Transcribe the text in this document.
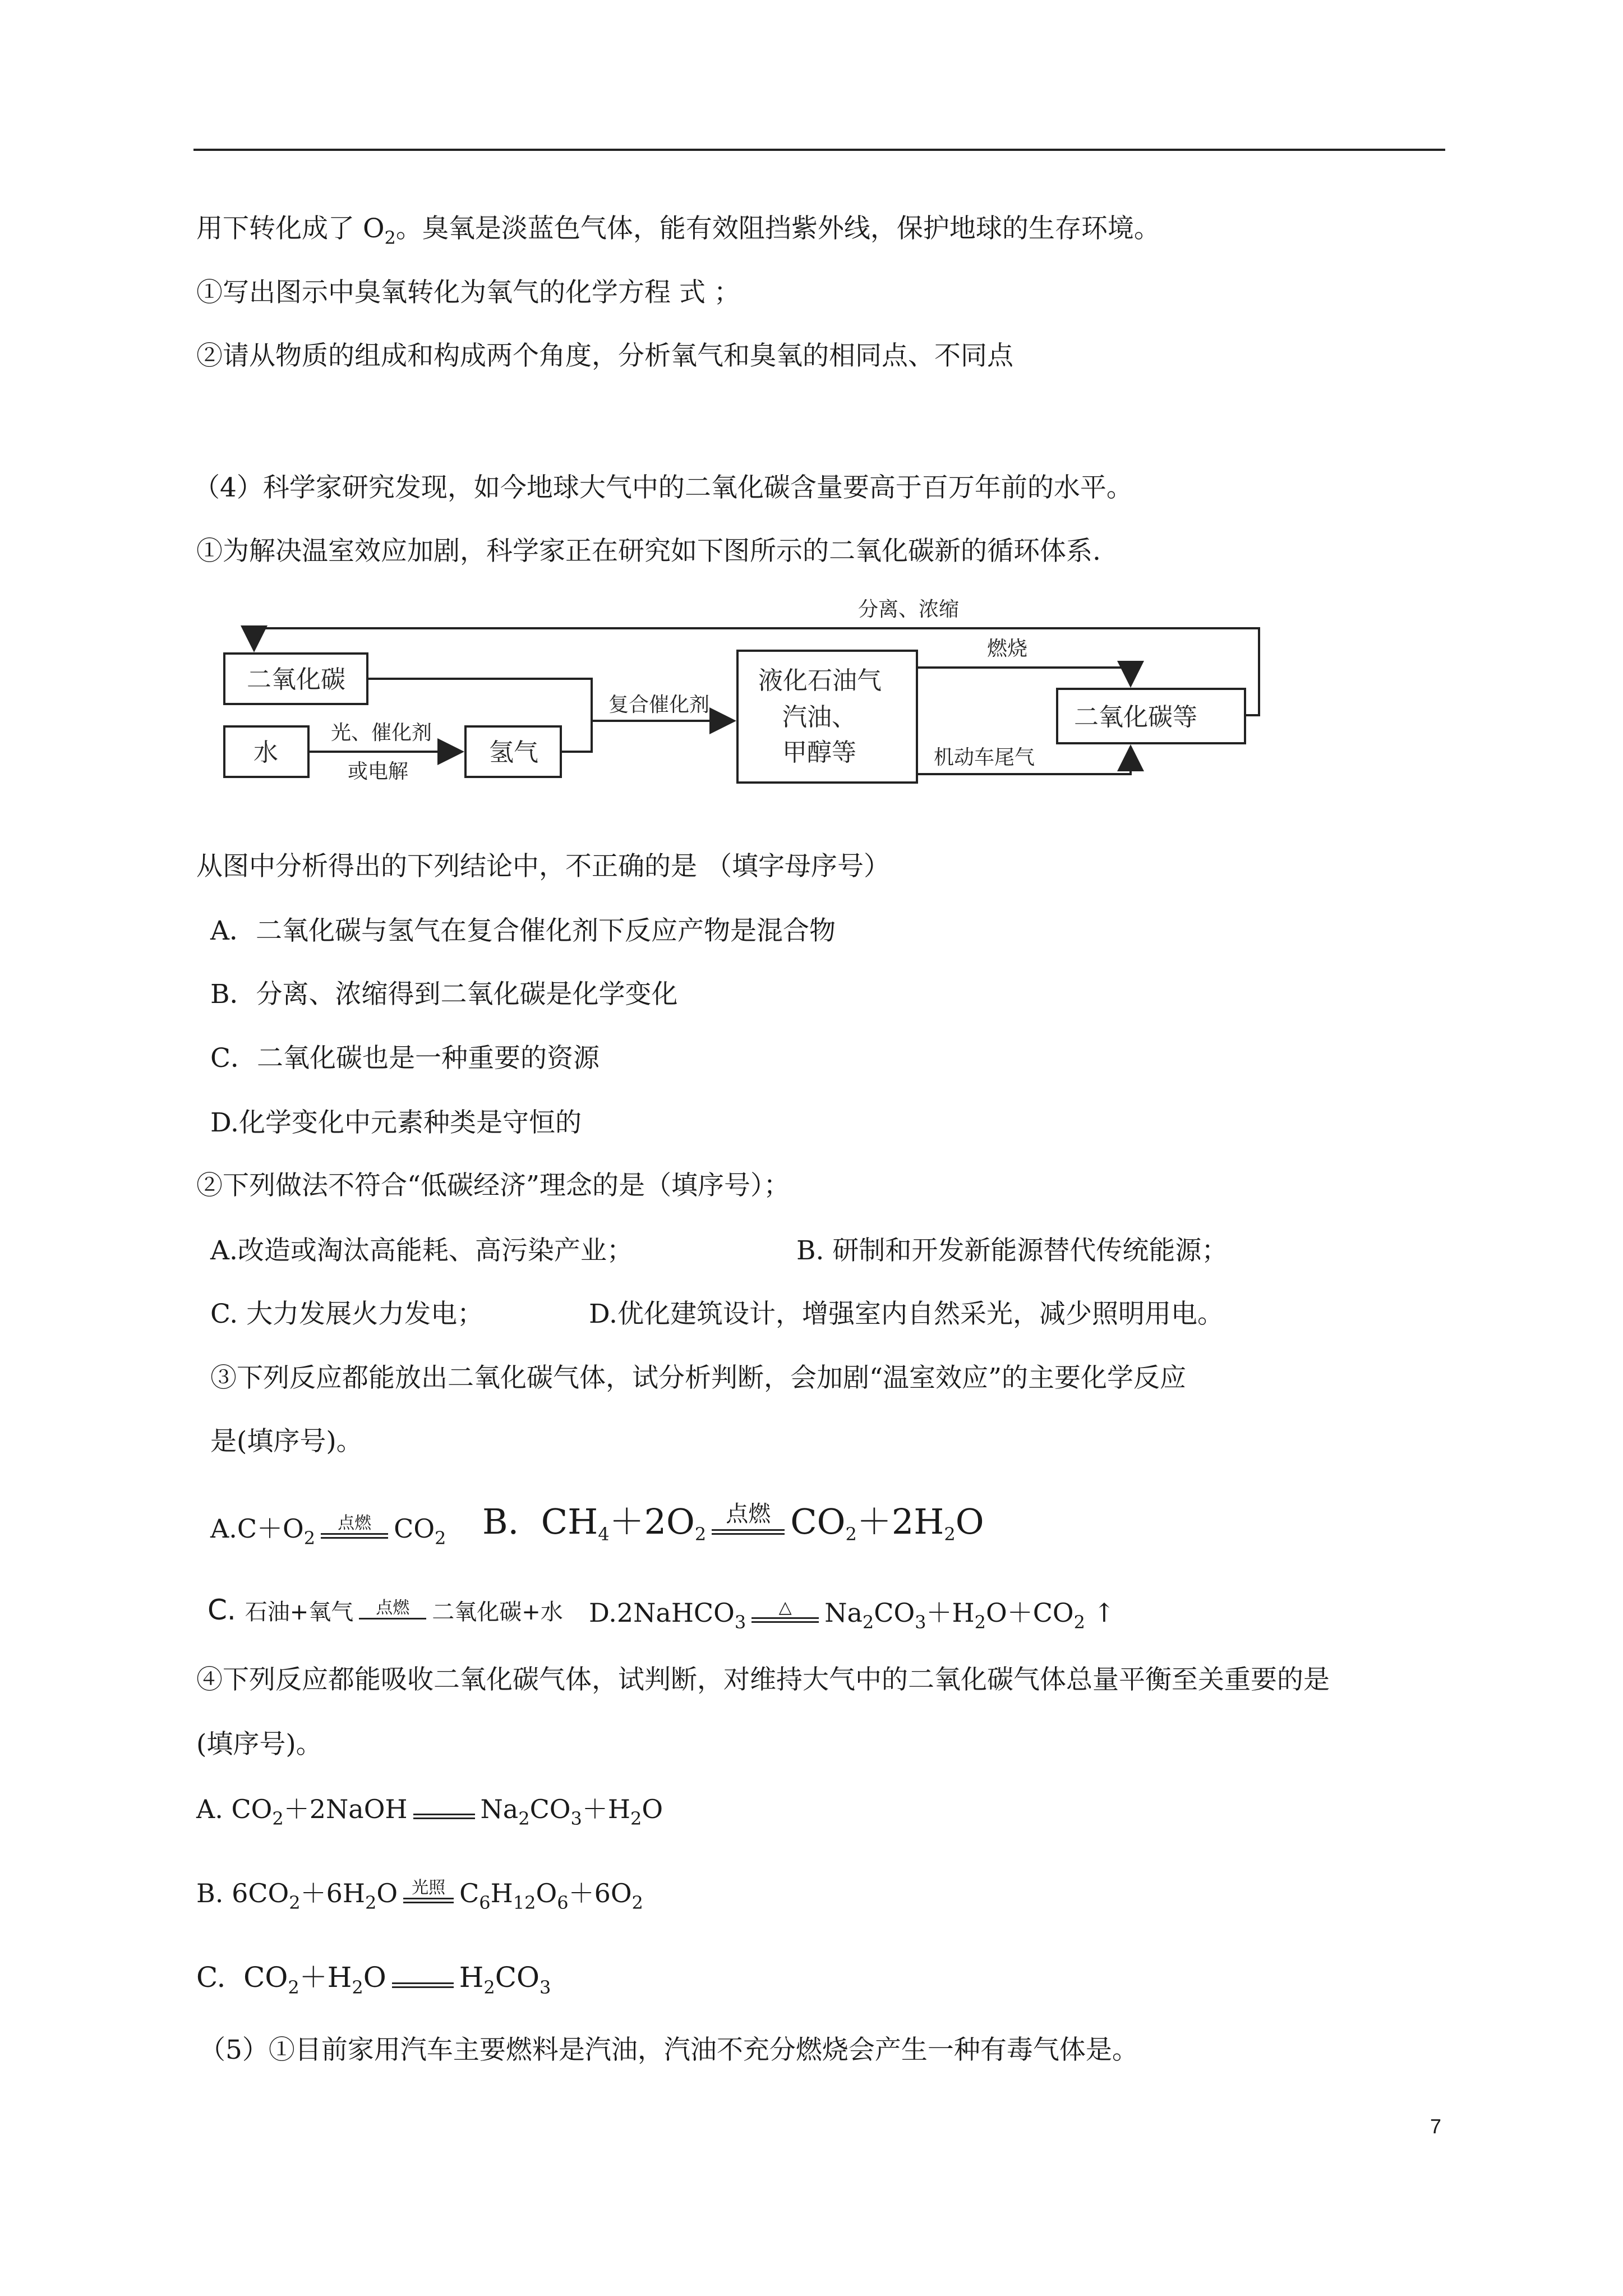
用下转化成了 $O_2$。臭氧是淡蓝色气体，能有效阻挡紫外线，保护地球的生存环境。
①写出图示中臭氧转化为氧气的化学方程 式 ；
②请从物质的组成和构成两个角度，分析氧气和臭氧的相同点、不同点
（4）科学家研究发现，如今地球大气中的二氧化碳含量要高于百万年前的水平。
①为解决温室效应加剧，科学家正在研究如下图所示的二氧化碳新的循环体系.
二氧化碳
水	氢气
液化石油气
汽油、
甲醇等
二氧化碳等
分离、浓缩
光、催化剂
或电解
复合催化剂
燃烧
机动车尾气
从图中分析得出的下列结论中，不正确的是 （填字母序号）
A．二氧化碳与氢气在复合催化剂下反应产物是混合物
B．分离、浓缩得到二氧化碳是化学变化
C．二氧化碳也是一种重要的资源
D.化学变化中元素种类是守恒的
②下列做法不符合“低碳经济”理念的是（填序号）；
A.改造或淘汰高能耗、高污染产业；	B. 研制和开发新能源替代传统能源；
C. 大力发展火力发电；	D.优化建筑设计，增强室内自然采光，减少照明用电。
③下列反应都能放出二氧化碳气体，试分析判断，会加剧“温室效应”的主要化学反应
是(填序号)。
$A.C+O_2$
点燃 $CO_2$ B. CH4＋2O2
点燃 CO2＋2H2O
C. 石油+氧气	点燃	二氧化碳+水 D.2NaHCO$_3$
△	$Na_2CO_3+H_2O+CO_2$ ↑
④下列反应都能吸收二氧化碳气体，试判断，对维持大气中的二氧化碳气体总量平衡至关重要的是
(填序号)。
A. $CO_2+2NaOH$	$Na_2CO_3+H_2O$
B. $6CO_2+6H_2O$ 光照 $C_6H_{12}O_6+6O_2$
C. $CO_2+H_2O$	$H_2CO_3$
（5）①目前家用汽车主要燃料是汽油，汽油不充分燃烧会产生一种有毒气体是。
7
